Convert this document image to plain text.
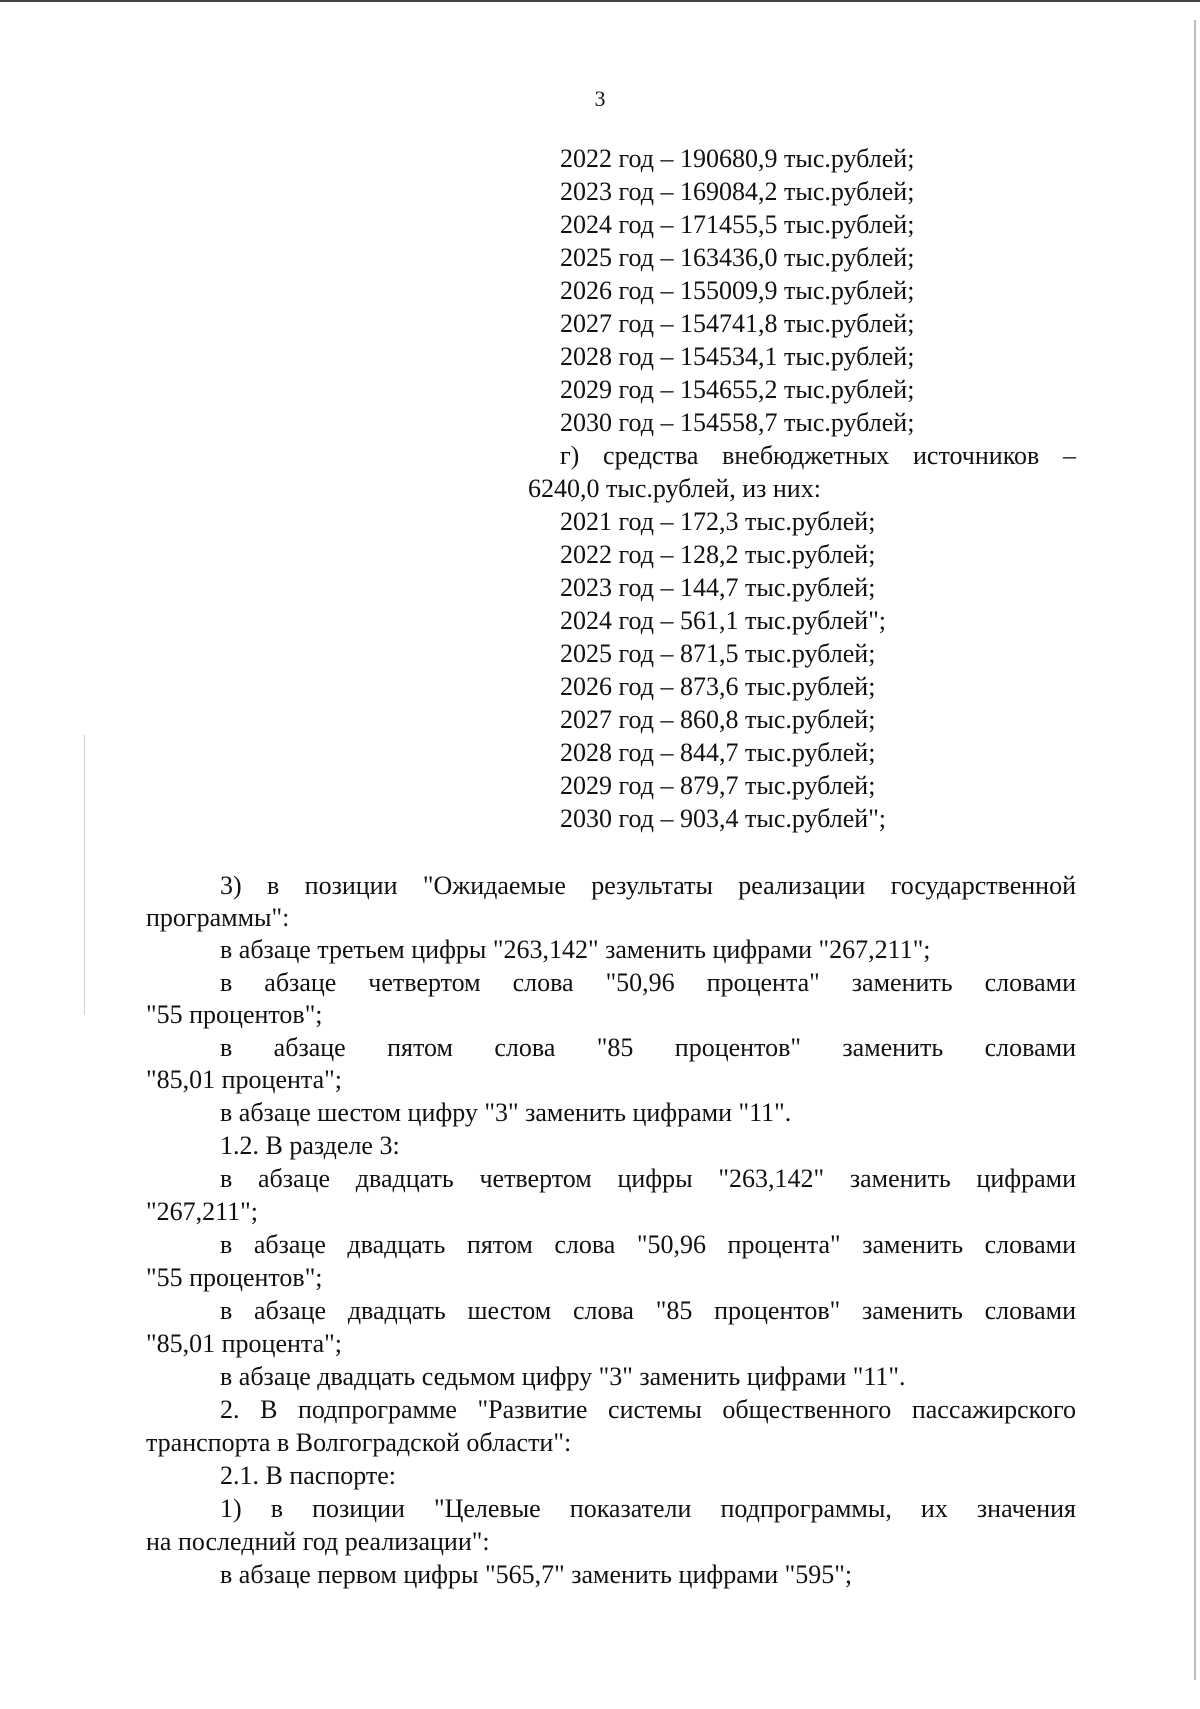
3
2022 год – 190680,9 тыс.рублей;
2023 год – 169084,2 тыс.рублей;
2024 год – 171455,5 тыс.рублей;
2025 год – 163436,0 тыс.рублей;
2026 год – 155009,9 тыс.рублей;
2027 год – 154741,8 тыс.рублей;
2028 год – 154534,1 тыс.рублей;
2029 год – 154655,2 тыс.рублей;
2030 год – 154558,7 тыс.рублей;
г) средства внебюджетных источников –
6240,0 тыс.рублей, из них:
2021 год – 172,3 тыс.рублей;
2022 год – 128,2 тыс.рублей;
2023 год – 144,7 тыс.рублей;
2024 год – 561,1 тыс.рублей";
2025 год – 871,5 тыс.рублей;
2026 год – 873,6 тыс.рублей;
2027 год – 860,8 тыс.рублей;
2028 год – 844,7 тыс.рублей;
2029 год – 879,7 тыс.рублей;
2030 год – 903,4 тыс.рублей";
3) в позиции "Ожидаемые результаты реализации государственной
программы":
в абзаце третьем цифры "263,142" заменить цифрами "267,211";
в абзаце четвертом слова "50,96 процента" заменить словами
"55 процентов";
в абзаце пятом слова "85 процентов" заменить словами
"85,01 процента";
в абзаце шестом цифру "3" заменить цифрами "11".
1.2. В разделе 3:
в абзаце двадцать четвертом цифры "263,142" заменить цифрами
"267,211";
в абзаце двадцать пятом слова "50,96 процента" заменить словами
"55 процентов";
в абзаце двадцать шестом слова "85 процентов" заменить словами
"85,01 процента";
в абзаце двадцать седьмом цифру "3" заменить цифрами "11".
2. В подпрограмме "Развитие системы общественного пассажирского
транспорта в Волгоградской области":
2.1. В паспорте:
1) в позиции "Целевые показатели подпрограммы, их значения
на последний год реализации":
в абзаце первом цифры "565,7" заменить цифрами "595";
